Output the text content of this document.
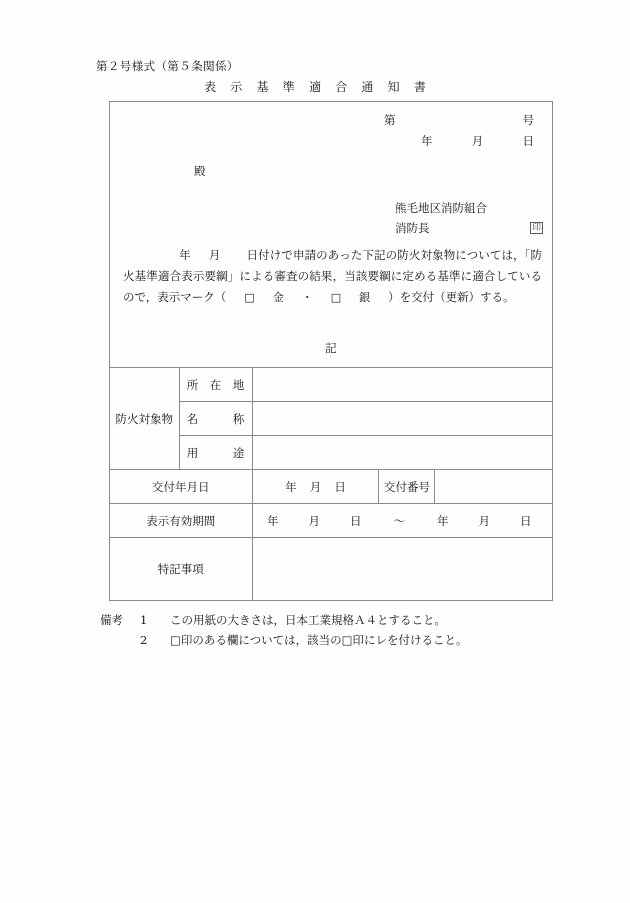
第２号様式（第５条関係）
表 示 基 準 適 合 通 知 書
第	号
年	月	日
殿
熊毛地区消防組合
消防長	印
年 月 日付けで申請のあった下記の防火対象物については，「防火基準適合表示要綱」による審査の結果，当該要綱に定める基準に適合しているので，表示マーク（ □ 金 ・ □ 銀 ）を交付（更新）する。
記
防火対象物	所　在　地			
	名　　　称			
	用　　　途			
交付年月日		年 月 日	交付番号	
表示有効期間	年	月	日	～	年	月	日

特記事項				
備考	1	この用紙の大きさは，日本工業規格Ａ４とすること。
2	□印のある欄については，該当の□印にレを付けること。
